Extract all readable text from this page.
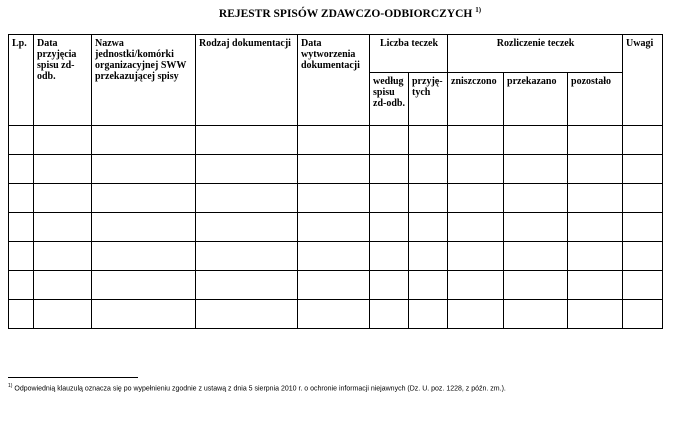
REJESTR SPISÓW ZDAWCZO-ODBIORCZYCH $^{1)}$
Lp.	Data przyjęcia spisu zd-odb.	Nazwa jednostki/komórki organizacyjnej SWW przekazującej spisy	Rodzaj dokumentacji	Data wytworzenia dokumentacji	Liczba teczek		Rozliczenie teczek			Uwagi

					według spisu zd-odb.	przyję-tych	zniszczono	przekazano	pozostało	

$^{1)}$ Odpowiednią klauzulą oznacza się po wypełnieniu zgodnie z ustawą z dnia 5 sierpnia 2010 r. o ochronie informacji niejawnych (Dz. U. poz. 1228, z późn. zm.).
